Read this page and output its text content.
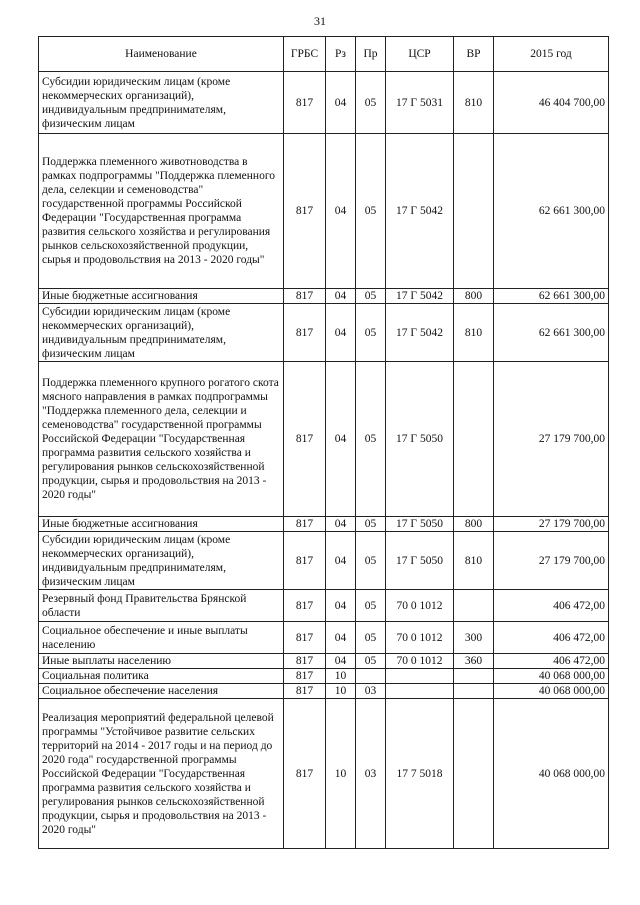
31
Наименование	ГРБС	Рз	Пр	ЦСР	ВР	2015 год
Субсидии юридическим лицам (кроме некоммерческих организаций), индивидуальным предпринимателям, физическим лицам	817	04	05	17 Г 5031	810	46 404 700,00
Поддержка племенного животноводства в рамках подпрограммы "Поддержка племенного дела, селекции и семеноводства" государственной программы Российской Федерации "Государственная программа развития сельского хозяйства и регулирования рынков сельскохозяйственной продукции, сырья и продовольствия на 2013 - 2020 годы"	817	04	05	17 Г 5042		62 661 300,00
Иные бюджетные ассигнования	817	04	05	17 Г 5042	800	62 661 300,00
Субсидии юридическим лицам (кроме некоммерческих организаций), индивидуальным предпринимателям, физическим лицам	817	04	05	17 Г 5042	810	62 661 300,00
Поддержка племенного крупного рогатого скота мясного направления в рамках подпрограммы "Поддержка племенного дела, селекции и семеноводства" государственной программы Российской Федерации "Государственная программа развития сельского хозяйства и регулирования рынков сельскохозяйственной продукции, сырья и продовольствия на 2013 - 2020 годы"	817	04	05	17 Г 5050		27 179 700,00
Иные бюджетные ассигнования	817	04	05	17 Г 5050	800	27 179 700,00
Субсидии юридическим лицам (кроме некоммерческих организаций), индивидуальным предпринимателям, физическим лицам	817	04	05	17 Г 5050	810	27 179 700,00
Резервный фонд Правительства Брянской области	817	04	05	70 0 1012		406 472,00
Социальное обеспечение и иные выплаты населению	817	04	05	70 0 1012	300	406 472,00
Иные выплаты населению	817	04	05	70 0 1012	360	406 472,00
Социальная политика	817	10				40 068 000,00
Социальное обеспечение населения	817	10	03			40 068 000,00
Реализация мероприятий федеральной целевой программы "Устойчивое развитие сельских территорий на 2014 - 2017 годы и на период до 2020 года" государственной программы Российской Федерации "Государственная программа развития сельского хозяйства и регулирования рынков сельскохозяйственной продукции, сырья и продовольствия на 2013 - 2020 годы"	817	10	03	17 7 5018		40 068 000,00
